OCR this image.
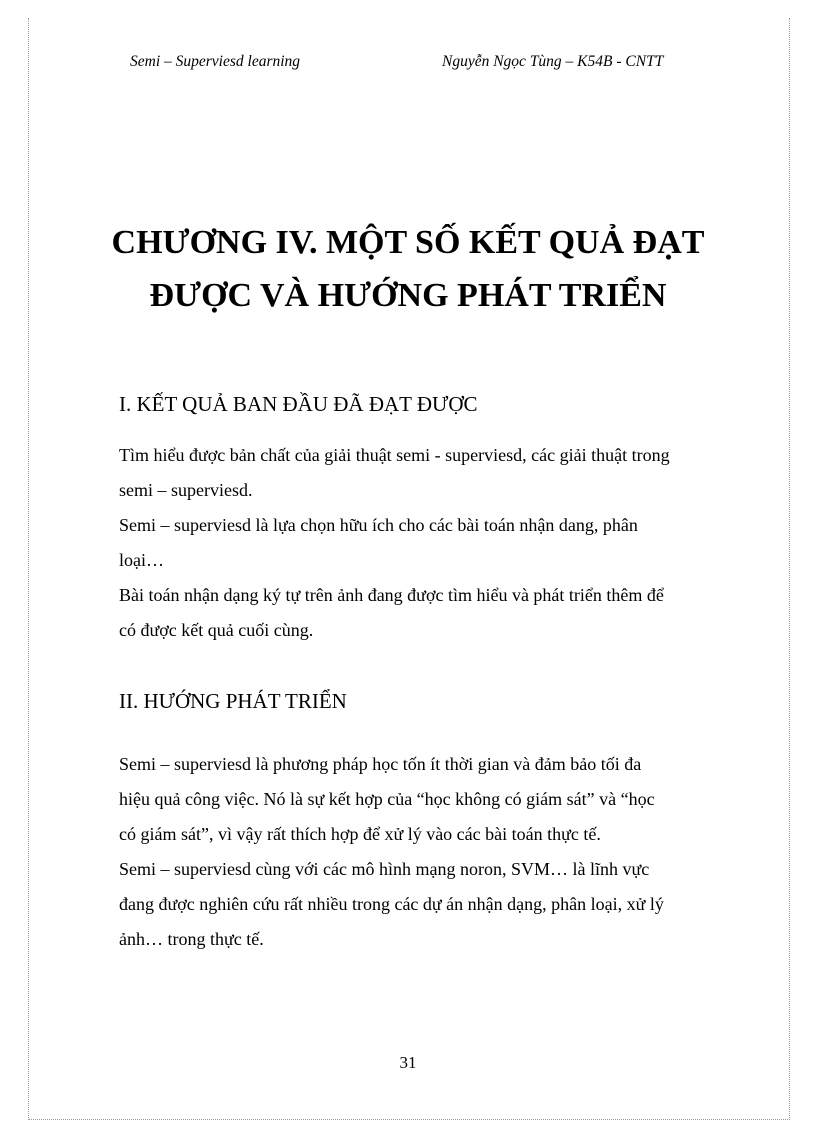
Semi – Superviesd learning	Nguyễn Ngọc Tùng – K54B - CNTT
CHƯƠNG IV. MỘT SỐ KẾT QUẢ ĐẠT
ĐƯỢC VÀ HƯỚNG PHÁT TRIỂN
I. KẾT QUẢ BAN ĐẦU ĐÃ ĐẠT ĐƯỢC
Tìm hiểu được bản chất của giải thuật semi - superviesd, các giải thuật trong
semi – superviesd.
Semi – superviesd là lựa chọn hữu ích cho các bài toán nhận dang, phân
loại…
Bài toán nhận dạng ký tự trên ảnh đang được tìm hiểu và phát triển thêm để
có được kết quả cuối cùng.
II. HƯỚNG PHÁT TRIỂN
Semi – superviesd là phương pháp học tốn ít thời gian và đảm bảo tối đa
hiệu quả công việc. Nó là sự kết hợp của “học không có giám sát” và “học
có giám sát”, vì vậy rất thích hợp để xử lý vào các bài toán thực tế.
Semi – superviesd cùng với các mô hình mạng noron, SVM… là lĩnh vực
đang được nghiên cứu rất nhiều trong các dự án nhận dạng, phân loại, xử lý
ảnh… trong thực tế.
31
